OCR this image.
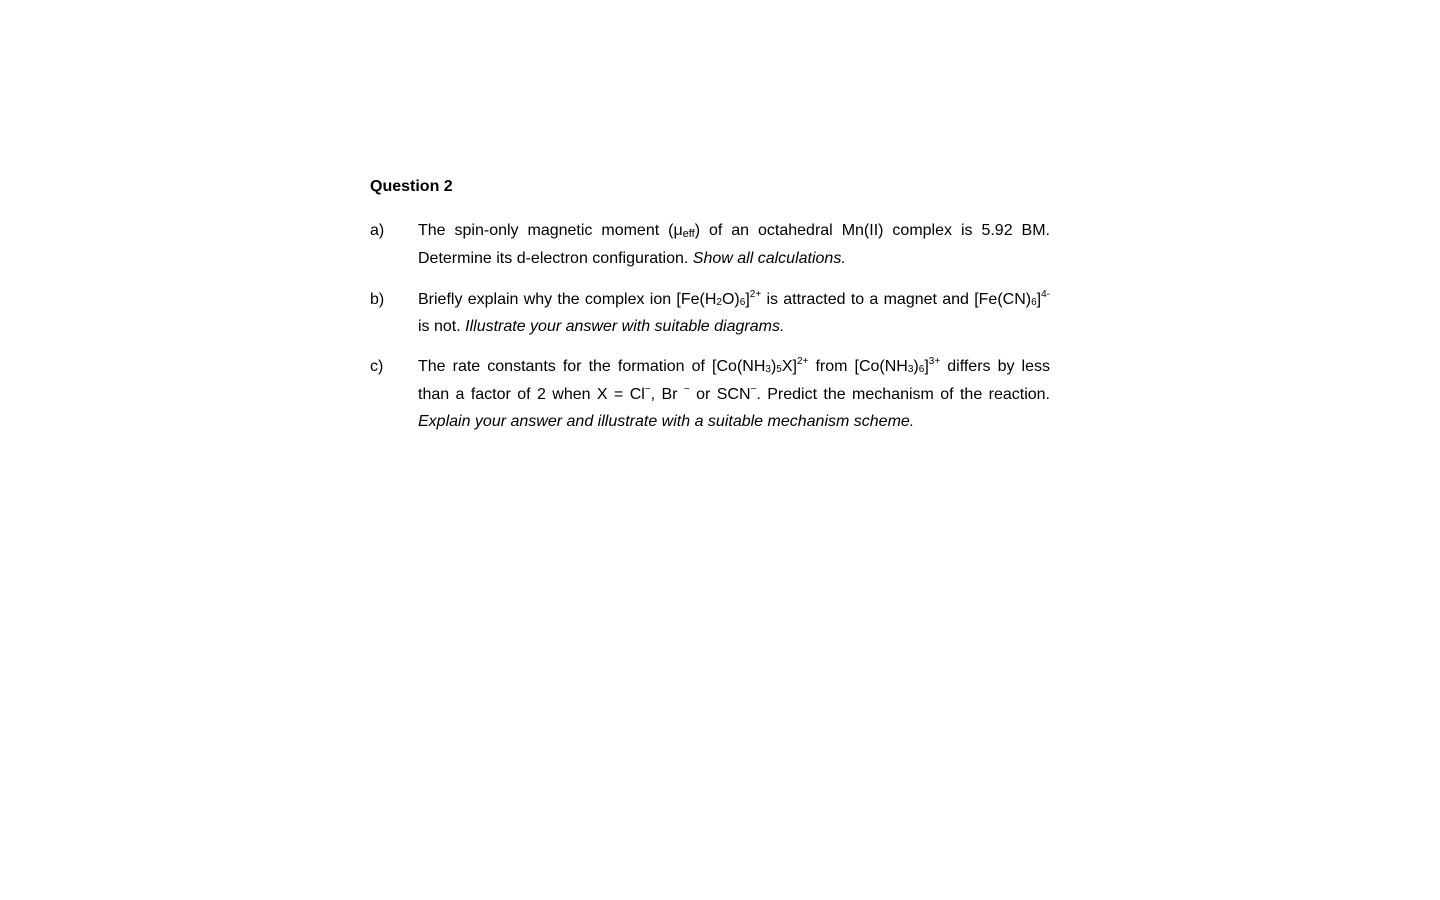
Question 2
a)	The spin-only magnetic moment (μeff) of an octahedral Mn(II) complex is 5.92 BM. Determine its d-electron configuration. Show all calculations.
b)	Briefly explain why the complex ion $[Fe(H_2O)_6]^{2+}$ is attracted to a magnet and $[Fe(CN)_6]^{4-}$ is not. Illustrate your answer with suitable diagrams.
c)	The rate constants for the formation of $[Co(NH_3)_5X]^{2+}$ from $[Co(NH_3)_6]^{3+}$ differs by less than a factor of 2 when X = Cl−, Br − or SCN−. Predict the mechanism of the reaction. Explain your answer and illustrate with a suitable mechanism scheme.
